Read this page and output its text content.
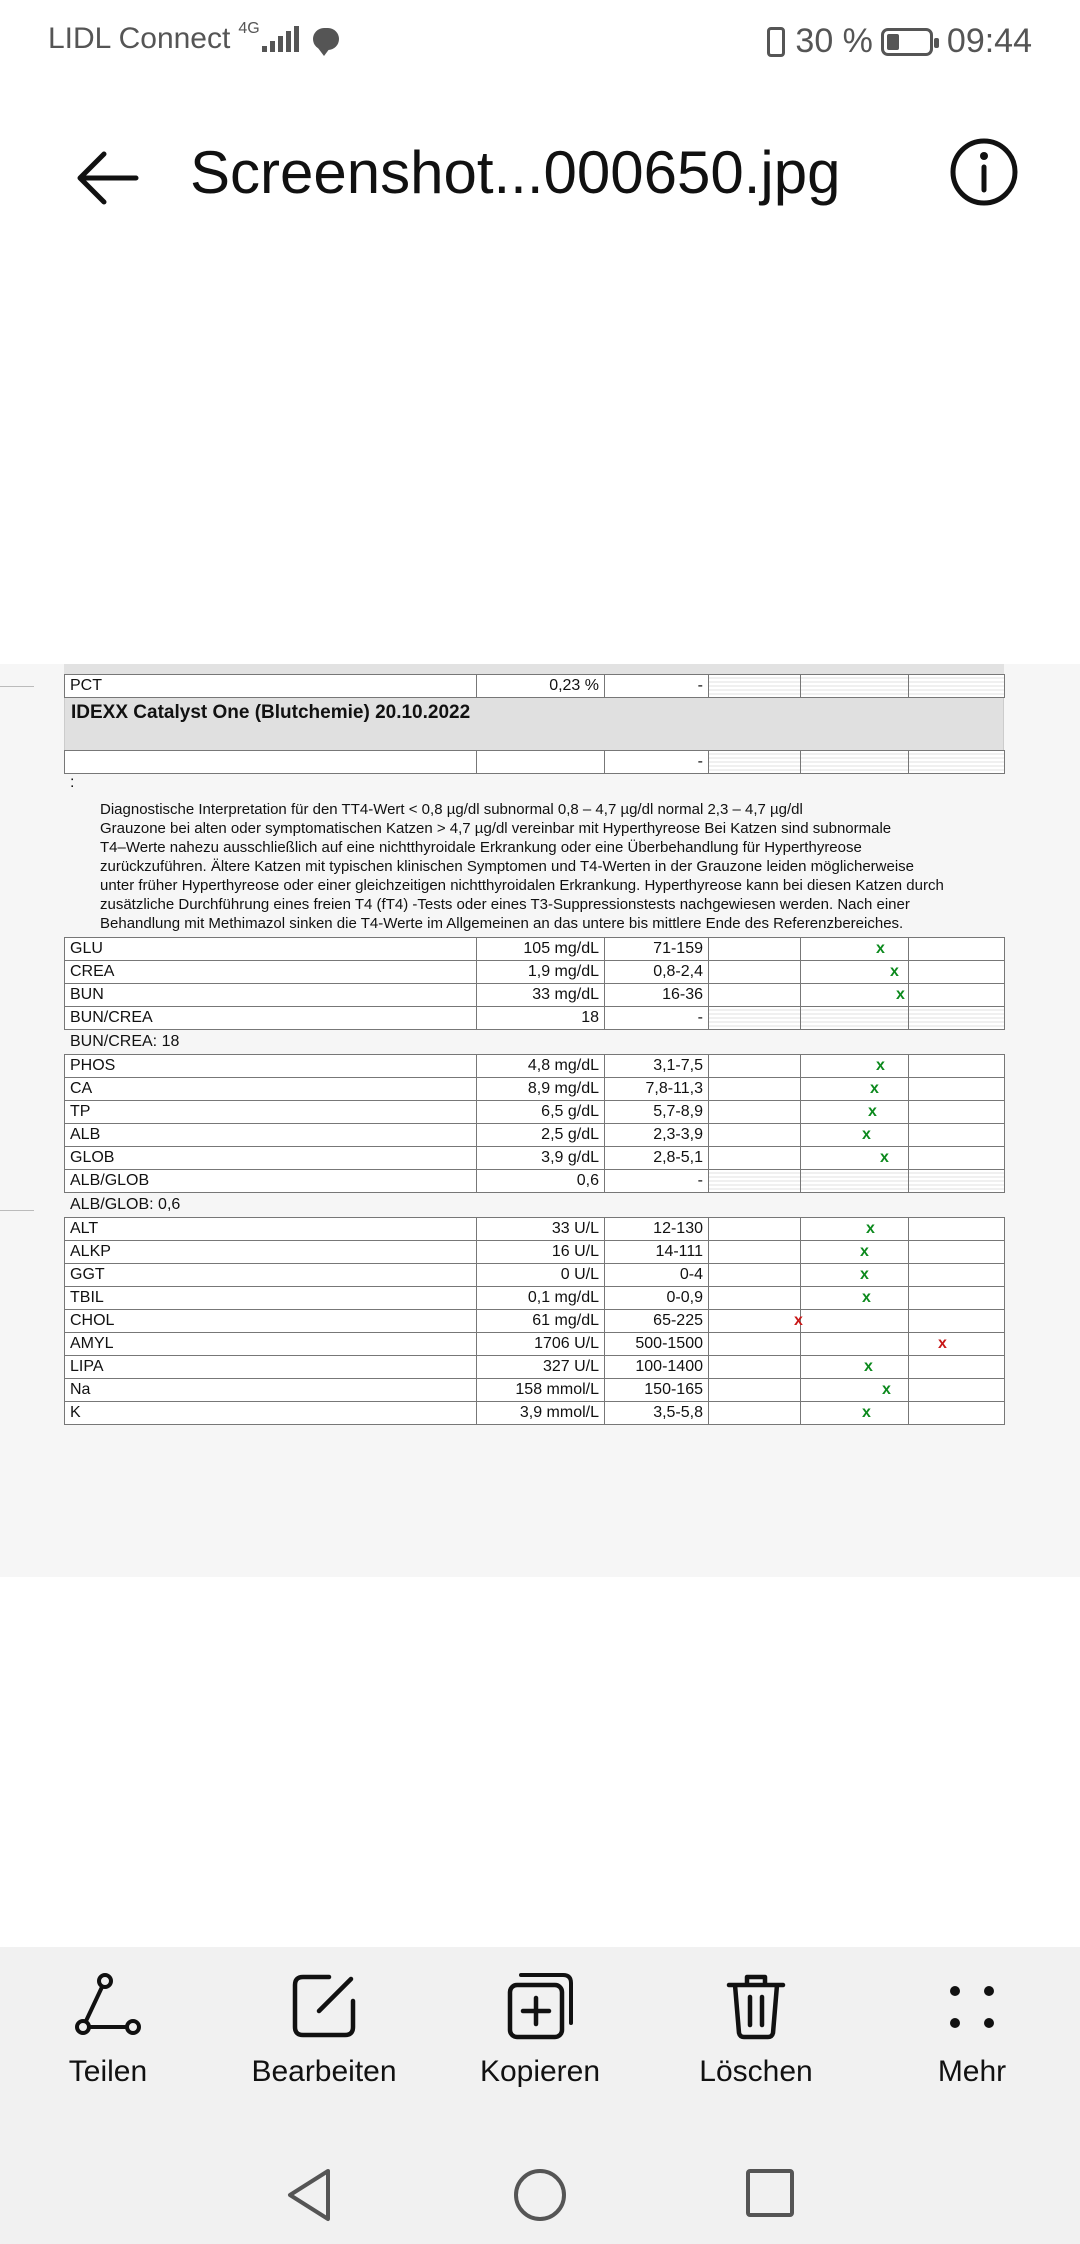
LIDL Connect 4G	30 % 09:44
Screenshot...000650.jpg
PCT	0,23 %	-			
IDEXX Catalyst One (Blutchemie) 20.10.2022
		-			
:

Diagnostische Interpretation für den TT4-Wert < 0,8 µg/dl subnormal 0,8 – 4,7 µg/dl normal 2,3 – 4,7 µg/dl

Grauzone bei alten oder symptomatischen Katzen > 4,7 µg/dl vereinbar mit Hyperthyreose Bei Katzen sind subnormale

T4–Werte nahezu ausschließlich auf eine nichtthyroidale Erkrankung oder eine Überbehandlung für Hyperthyreose

zurückzuführen. Ältere Katzen mit typischen klinischen Symptomen und T4-Werten in der Grauzone leiden möglicherweise

unter früher Hyperthyreose oder einer gleichzeitigen nichtthyroidalen Erkrankung. Hyperthyreose kann bei diesen Katzen durch

zusätzliche Durchführung eines freien T4 (fT4) -Tests oder eines T3-Suppressionstests nachgewiesen werden. Nach einer

Behandlung mit Methimazol sinken die T4-Werte im Allgemeinen an das untere bis mittlere Ende des Referenzbereiches.

GLU	105 mg/dL	71-159		x	
CREA	1,9 mg/dL	0,8-2,4		x	
BUN	33 mg/dL	16-36		x	
BUN/CREA	18	-			
BUN/CREA: 18
PHOS	4,8 mg/dL	3,1-7,5		x	
CA	8,9 mg/dL	7,8-11,3		x	
TP	6,5 g/dL	5,7-8,9		x	
ALB	2,5 g/dL	2,3-3,9		x	
GLOB	3,9 g/dL	2,8-5,1		x	
ALB/GLOB	0,6	-			
ALB/GLOB: 0,6
ALT	33 U/L	12-130		x	
ALKP	16 U/L	14-111		x	
GGT	0 U/L	0-4		x	
TBIL	0,1 mg/dL	0-0,9		x	
CHOL	61 mg/dL	65-225	x		
AMYL	1706 U/L	500-1500			x
LIPA	327 U/L	100-1400		x	
Na	158 mmol/L	150-165		x	
K	3,9 mmol/L	3,5-5,8		x	
Teilen	Bearbeiten	Kopieren	Löschen	Mehr
